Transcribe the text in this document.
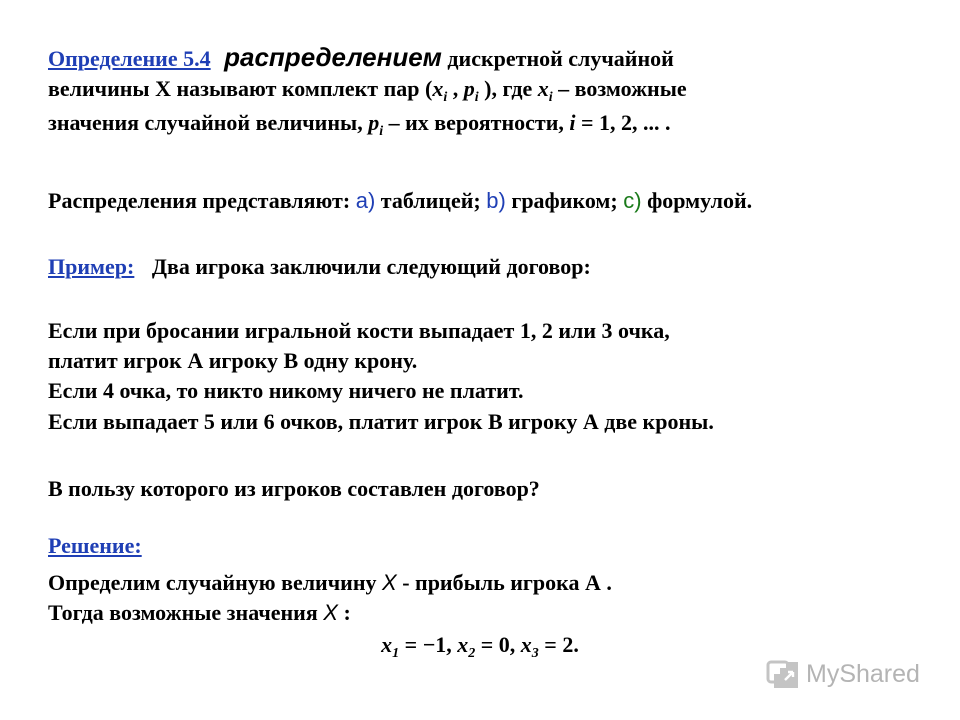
Определение 5.4 распределением дискретной случайной
величины X называют комплект пар ($x_i$ , $p_i$ ), где $x_i$ – возможные
значения случайной величины, $p_i$ – их вероятности, i = 1, 2, ... .
Распределения представляют: a) таблицей; b) графиком; c) формулой.
Пример: Два игрока заключили следующий договор:
Если при бросании игральной кости выпадает 1, 2 или 3 очка,
платит игрок А игроку В одну крону.
Если 4 очка, то никто никому ничего не платит.
Если выпадает 5 или 6 очков, платит игрок В игроку А две кроны.
В пользу которого из игроков составлен договор?
Решение:
Определим случайную величину X - прибыль игрока А .
Тогда возможные значения X :
$x_1 = -1$, $x_2 = 0$, $x_3 = 2$.
MyShared
